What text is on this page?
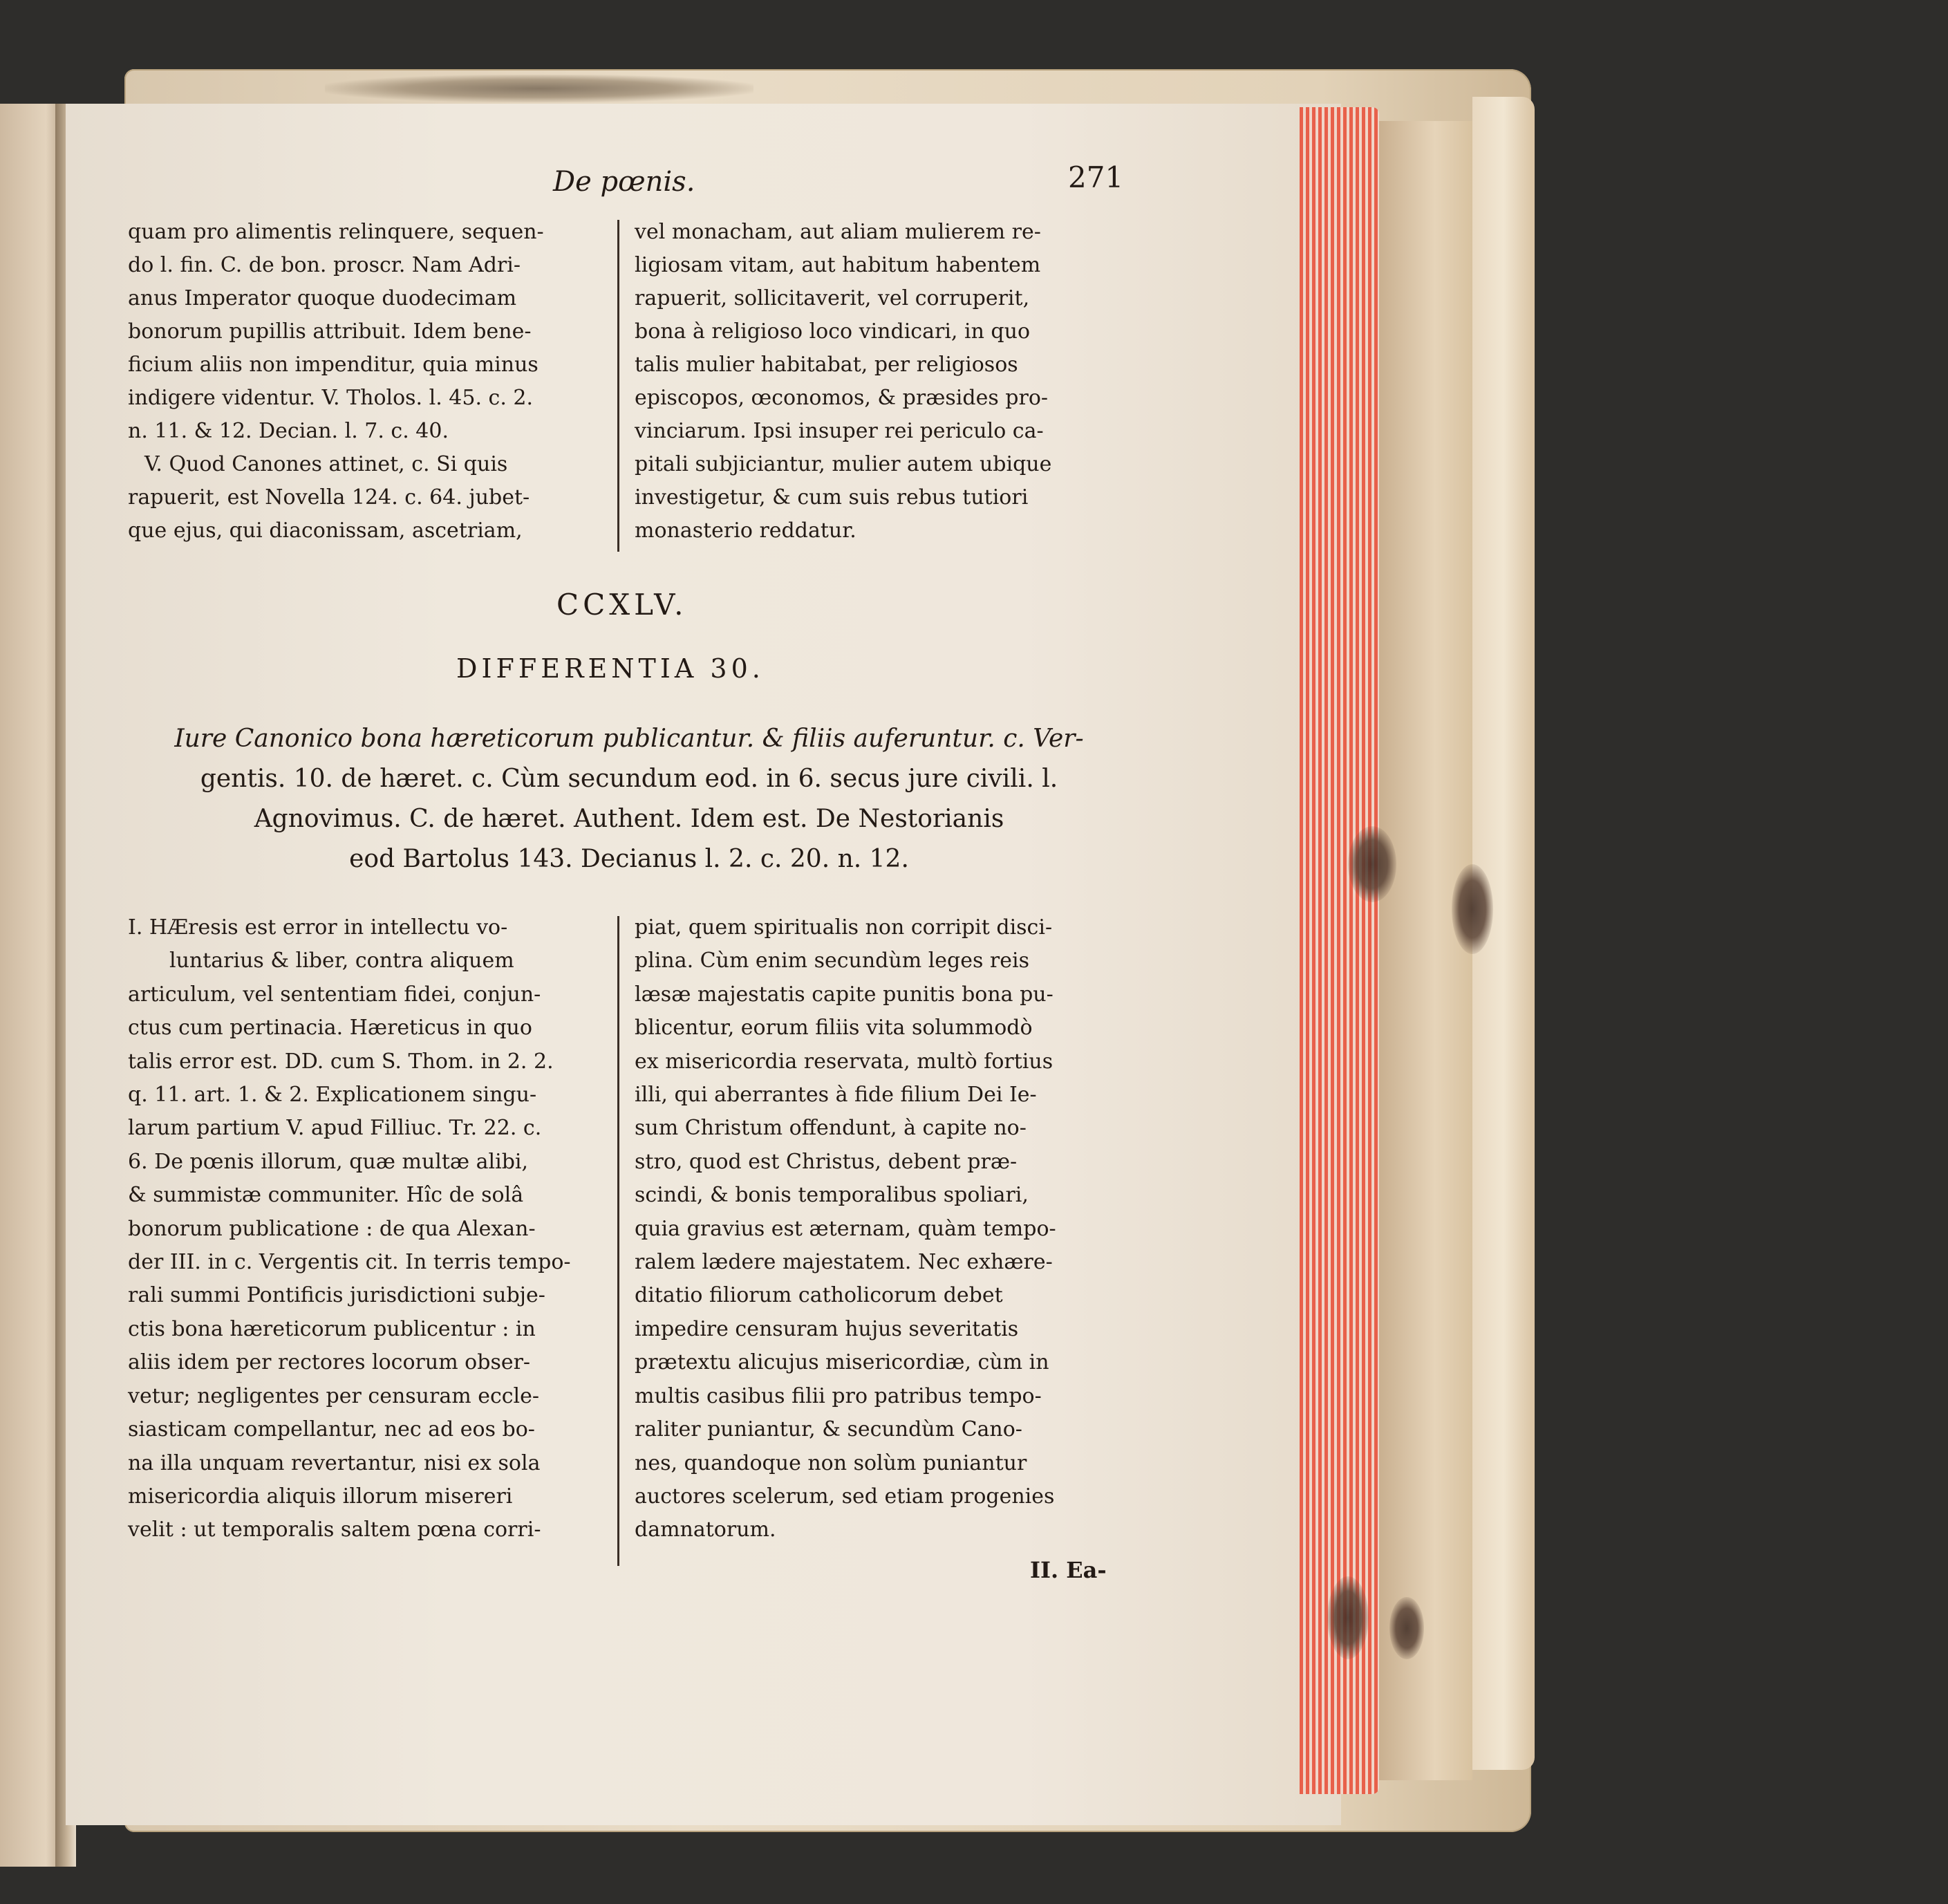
De pœnis.	271
quam pro alimentis relinquere, sequen-
do l. fin. C. de bon. proscr. Nam Adri-
anus Imperator quoque duodecimam
bonorum pupillis attribuit. Idem bene-
ficium aliis non impenditur, quia minus
indigere videntur. V. Tholos. l. 45. c. 2.
n. 11. & 12. Decian. l. 7. c. 40.
V. Quod Canones attinet, c. Si quis
rapuerit, est Novella 124. c. 64. jubet-
que ejus, qui diaconissam, ascetriam,
vel monacham, aut aliam mulierem re-
ligiosam vitam, aut habitum habentem
rapuerit, sollicitaverit, vel corruperit,
bona à religioso loco vindicari, in quo
talis mulier habitabat, per religiosos
episcopos, œconomos, & præsides pro-
vinciarum. Ipsi insuper rei periculo ca-
pitali subjiciantur, mulier autem ubique
investigetur, & cum suis rebus tutiori
monasterio reddatur.
CCXLV.
DIFFERENTIA 30.
Iure Canonico bona hæreticorum publicantur. & filiis auferuntur. c. Ver-
gentis. 10. de hæret. c. Cùm secundum eod. in 6. secus jure civili. l.
Agnovimus. C. de hæret. Authent. Idem est. De Nestorianis
eod Bartolus 143. Decianus l. 2. c. 20. n. 12.
I. HÆresis est error in intellectu vo-
luntarius & liber, contra aliquem
articulum, vel sententiam fidei, conjun-
ctus cum pertinacia. Hæreticus in quo
talis error est. DD. cum S. Thom. in 2. 2.
q. 11. art. 1. & 2. Explicationem singu-
larum partium V. apud Filliuc. Tr. 22. c.
6. De pœnis illorum, quæ multæ alibi,
& summistæ communiter. Hîc de solâ
bonorum publicatione : de qua Alexan-
der III. in c. Vergentis cit. In terris tempo-
rali summi Pontificis jurisdictioni subje-
ctis bona hæreticorum publicentur : in
aliis idem per rectores locorum obser-
vetur; negligentes per censuram eccle-
siasticam compellantur, nec ad eos bo-
na illa unquam revertantur, nisi ex sola
misericordia aliquis illorum misereri
velit : ut temporalis saltem pœna corri-
piat, quem spiritualis non corripit disci-
plina. Cùm enim secundùm leges reis
læsæ majestatis capite punitis bona pu-
blicentur, eorum filiis vita solummodò
ex misericordia reservata, multò fortius
illi, qui aberrantes à fide filium Dei Ie-
sum Christum offendunt, à capite no-
stro, quod est Christus, debent præ-
scindi, & bonis temporalibus spoliari,
quia gravius est æternam, quàm tempo-
ralem lædere majestatem. Nec exhære-
ditatio filiorum catholicorum debet
impedire censuram hujus severitatis
prætextu alicujus misericordiæ, cùm in
multis casibus filii pro patribus tempo-
raliter puniantur, & secundùm Cano-
nes, quandoque non solùm puniantur
auctores scelerum, sed etiam progenies
damnatorum.
II. Ea-
